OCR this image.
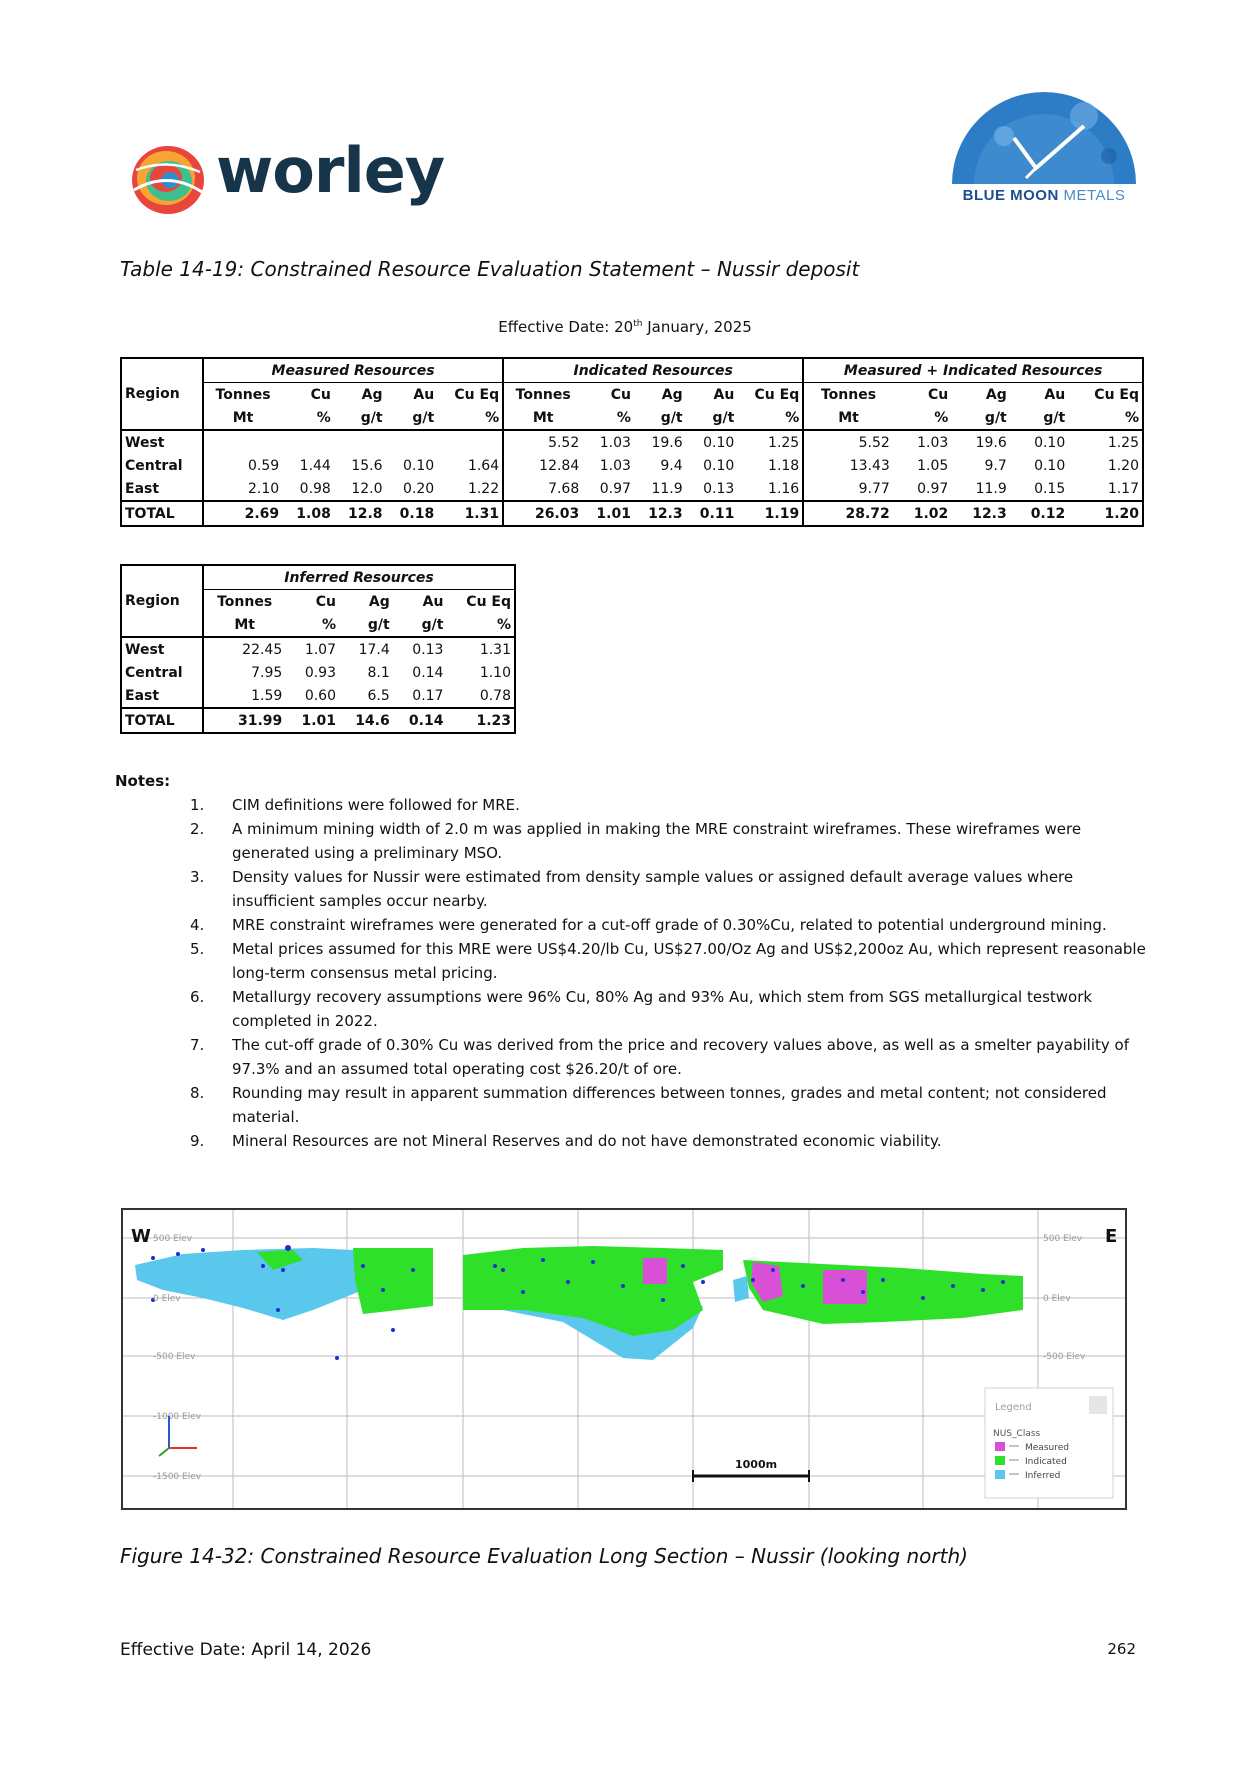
worley	BLUE MOON METALS
Table 14-19: Constrained Resource Evaluation Statement – Nussir deposit
Effective Date: 20th January, 2025
	Measured Resources					Indicated Resources					Measured + Indicated Resources				
Region	Tonnes	Cu	Ag	Au	Cu Eq	Tonnes	Cu	Ag	Au	Cu Eq	Tonnes	Cu	Ag	Au	Cu Eq
	Mt	%	g/t	g/t	%	Mt	%	g/t	g/t	%	Mt	%	g/t	g/t	%
West						5.52	1.03	19.6	0.10	1.25	5.52	1.03	19.6	0.10	1.25
Central	0.59	1.44	15.6	0.10	1.64	12.84	1.03	9.4	0.10	1.18	13.43	1.05	9.7	0.10	1.20
East	2.10	0.98	12.0	0.20	1.22	7.68	0.97	11.9	0.13	1.16	9.77	0.97	11.9	0.15	1.17
TOTAL	2.69	1.08	12.8	0.18	1.31	26.03	1.01	12.3	0.11	1.19	28.72	1.02	12.3	0.12	1.20
	Inferred Resources				
Region	Tonnes	Cu	Ag	Au	Cu Eq
	Mt	%	g/t	g/t	%
West	22.45	1.07	17.4	0.13	1.31
Central	7.95	0.93	8.1	0.14	1.10
East	1.59	0.60	6.5	0.17	0.78
TOTAL	31.99	1.01	14.6	0.14	1.23
Notes:
1. CIM definitions were followed for MRE.
2. A minimum mining width of 2.0 m was applied in making the MRE constraint wireframes. These wireframes were generated using a preliminary MSO.
3. Density values for Nussir were estimated from density sample values or assigned default average values where insufficient samples occur nearby.
4. MRE constraint wireframes were generated for a cut-off grade of 0.30%Cu, related to potential underground mining.
5. Metal prices assumed for this MRE were US$4.20/lb Cu, US$27.00/Oz Ag and US$2,200oz Au, which represent reasonable long-term consensus metal pricing.
6. Metallurgy recovery assumptions were 96% Cu, 80% Ag and 93% Au, which stem from SGS metallurgical testwork completed in 2022.
7. The cut-off grade of 0.30% Cu was derived from the price and recovery values above, as well as a smelter payability of 97.3% and an assumed total operating cost $26.20/t of ore.
8. Rounding may result in apparent summation differences between tonnes, grades and metal content; not considered material.
9. Mineral Resources are not Mineral Reserves and do not have demonstrated economic viability.
W	E
500 Elev
0 Elev
-500 Elev
-1000 Elev
-1500 Elev
500 Elev
0 Elev
-500 Elev
1000m
Legend
NUS_Class
Measured
Indicated
Inferred
Figure 14-32: Constrained Resource Evaluation Long Section – Nussir (looking north)
Effective Date: April 14, 2026	262
